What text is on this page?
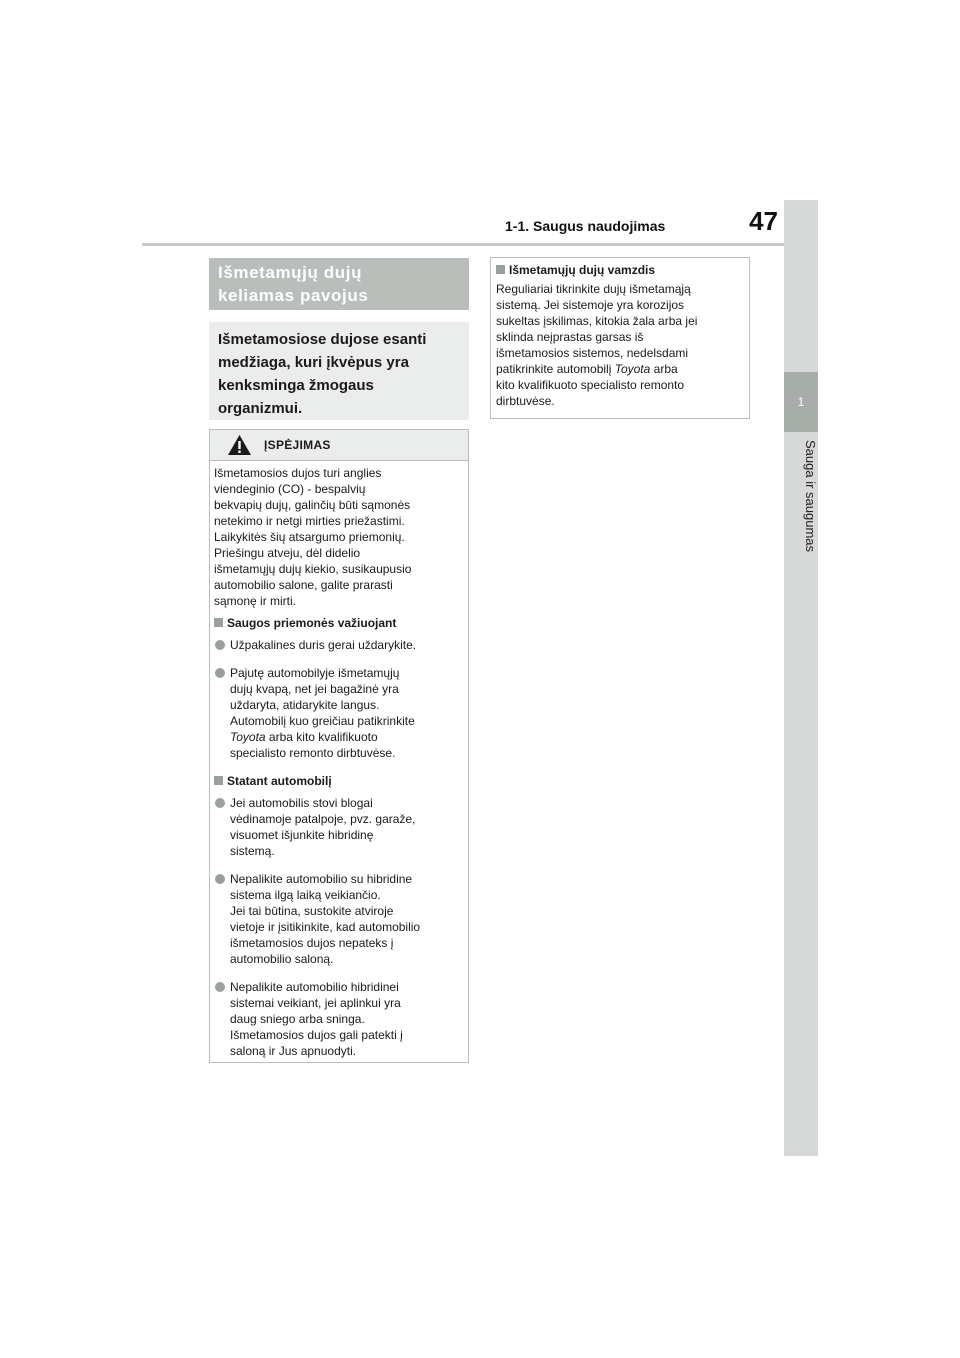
1-1. Saugus naudojimas	47
1
Sauga ir saugumas
Išmetamųjų dujų
keliamas pavojus
Išmetamosiose dujose esanti medžiaga, kuri įkvėpus yra kenksminga žmogaus organizmui.
ĮSPĖJIMAS
Išmetamosios dujos turi anglies
viendeginio (CO) - bespalvių
bekvapių dujų, galinčių būti sąmonės
netekimo ir netgi mirties priežastimi.
Laikykitės šių atsargumo priemonių.
Priešingu atveju, dėl didelio
išmetamųjų dujų kiekio, susikaupusio
automobilio salone, galite prarasti
sąmonę ir mirti.
Saugos priemonės važiuojant
Užpakalines duris gerai uždarykite.
Pajutę automobilyje išmetamųjų
dujų kvapą, net jei bagažinė yra
uždaryta, atidarykite langus.
Automobilį kuo greičiau patikrinkite
Toyota arba kito kvalifikuoto
specialisto remonto dirbtuvėse.
Statant automobilį
Jei automobilis stovi blogai
vėdinamoje patalpoje, pvz. garaže,
visuomet išjunkite hibridinę
sistemą.
Nepalikite automobilio su hibridine
sistema ilgą laiką veikiančio.
Jei tai būtina, sustokite atviroje
vietoje ir įsitikinkite, kad automobilio
išmetamosios dujos nepateks į
automobilio saloną.
Nepalikite automobilio hibridinei
sistemai veikiant, jei aplinkui yra
daug sniego arba sninga.
Išmetamosios dujos gali patekti į
saloną ir Jus apnuodyti.
Išmetamųjų dujų vamzdis
Reguliariai tikrinkite dujų išmetamąją
sistemą. Jei sistemoje yra korozijos
sukeltas įskilimas, kitokia žala arba jei
sklinda neįprastas garsas iš
išmetamosios sistemos, nedelsdami
patikrinkite automobilį Toyota arba
kito kvalifikuoto specialisto remonto
dirbtuvėse.
